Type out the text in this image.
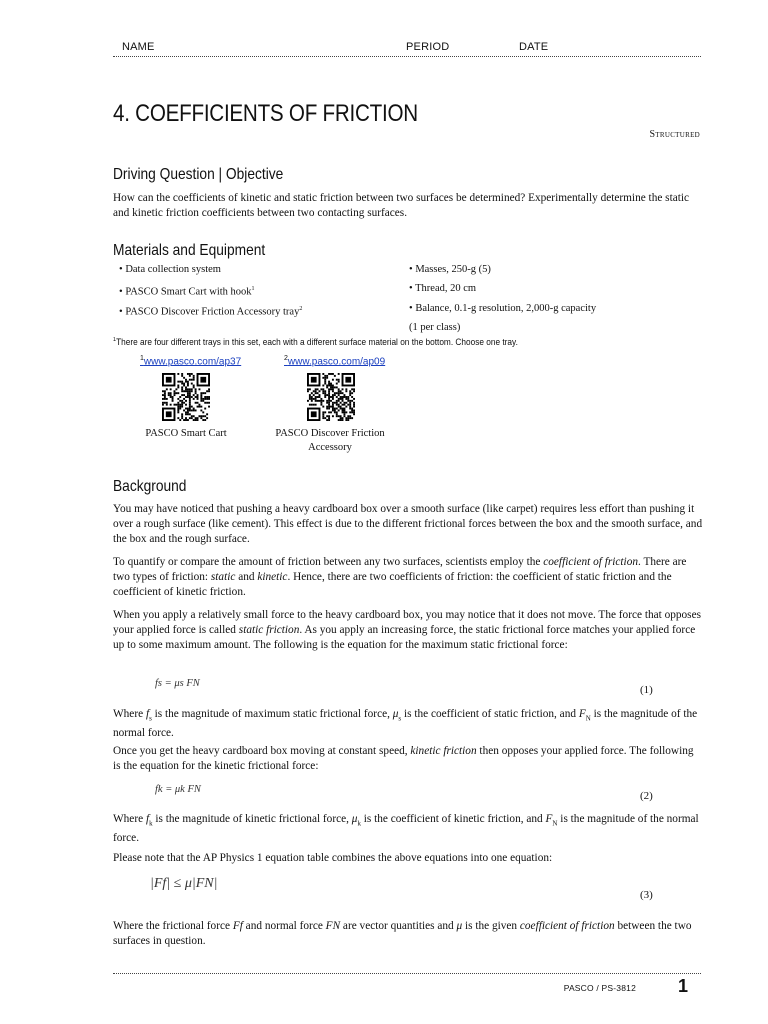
NAME	PERIOD	DATE
4. COEFFICIENTS OF FRICTION
Structured
Driving Question | Objective

How can the coefficients of kinetic and static friction between two surfaces be determined? Experimentally determine the static and kinetic friction coefficients between two contacting surfaces.

Materials and Equipment
• Data collection system
• PASCO Smart Cart with hook$^1$
• PASCO Discover Friction Accessory tray$^2$
• Masses, 250-g (5)
• Thread, 20 cm
• Balance, 0.1-g resolution, 2,000-g capacity
(1 per class)
$^1$There are four different trays in this set, each with a different surface material on the bottom. Choose one tray.
$^1$www.pasco.com/ap37	$^2$www.pasco.com/ap09
PASCO Smart Cart	PASCO Discover Friction Accessory
Background

You may have noticed that pushing a heavy cardboard box over a smooth surface (like carpet) requires less effort than pushing it over a rough surface (like cement). This effect is due to the different frictional forces between the box and the smooth surface, and the box and the rough surface.

To quantify or compare the amount of friction between any two surfaces, scientists employ the coefficient of friction. There are two types of friction: static and kinetic. Hence, there are two coefficients of friction: the coefficient of static friction and the coefficient of kinetic friction.

When you apply a relatively small force to the heavy cardboard box, you may notice that it does not move. The force that opposes your applied force is called static friction. As you apply an increasing force, the static frictional force matches your applied force up to some maximum amount. The following is the equation for the maximum static frictional force:

fs = μs FN
(1)

Where $f_s$ is the magnitude of maximum static frictional force, $\mu_s$ is the coefficient of static friction, and $F_N$ is the magnitude of the normal force.

Once you get the heavy cardboard box moving at constant speed, kinetic friction then opposes your applied force. The following is the equation for the kinetic frictional force:

fk = μk FN
(2)

Where $f_k$ is the magnitude of kinetic frictional force, $\mu_k$ is the coefficient of kinetic friction, and $F_N$ is the magnitude of the normal force.

Please note that the AP Physics 1 equation table combines the above equations into one equation:

|Ff| ≤ μ|FN|
(3)

Where the frictional force Ff and normal force FN are vector quantities and μ is the given coefficient of friction between the two surfaces in question.

PASCO / PS-3812 1
